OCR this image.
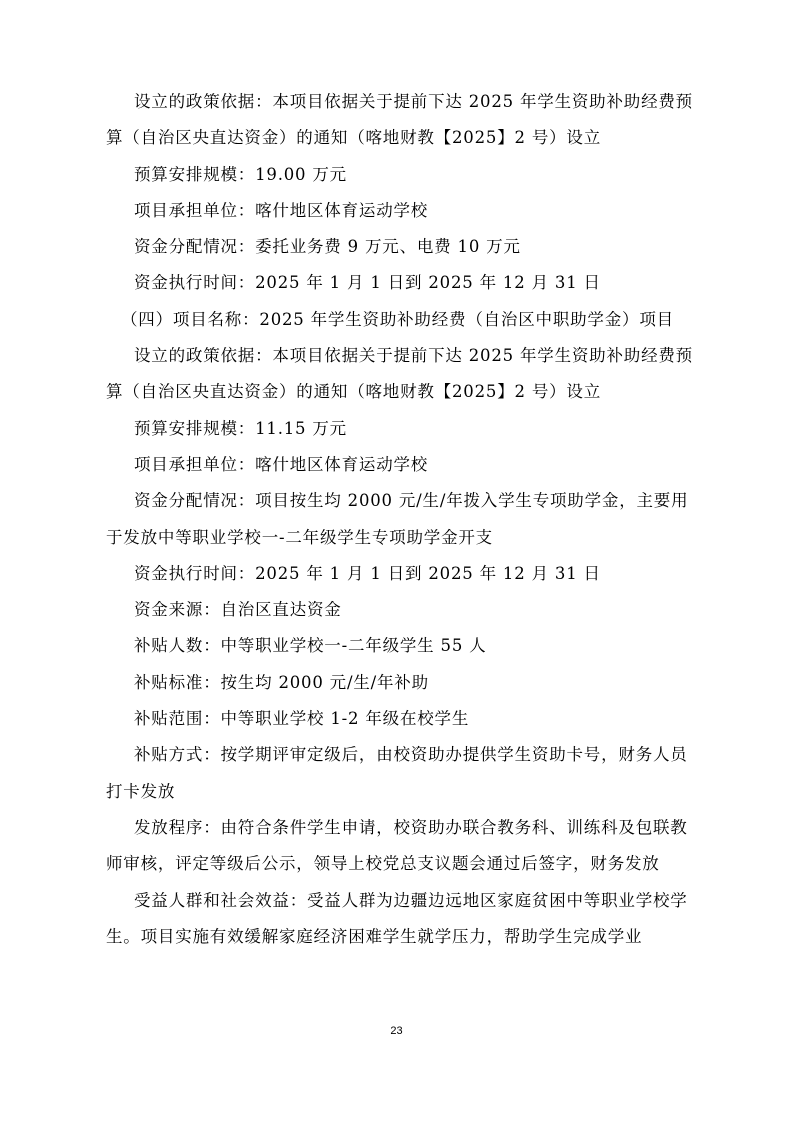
设立的政策依据：本项目依据关于提前下达 2025 年学生资助补助经费预
算（自治区央直达资金）的通知（喀地财教【2025】2 号）设立
预算安排规模：19.00 万元
项目承担单位：喀什地区体育运动学校
资金分配情况：委托业务费 9 万元、电费 10 万元
资金执行时间：2025 年 1 月 1 日到 2025 年 12 月 31 日
（四）项目名称：2025 年学生资助补助经费（自治区中职助学金）项目
设立的政策依据：本项目依据关于提前下达 2025 年学生资助补助经费预
算（自治区央直达资金）的通知（喀地财教【2025】2 号）设立
预算安排规模：11.15 万元
项目承担单位：喀什地区体育运动学校
资金分配情况：项目按生均 2000 元/生/年拨入学生专项助学金，主要用
于发放中等职业学校一-二年级学生专项助学金开支
资金执行时间：2025 年 1 月 1 日到 2025 年 12 月 31 日
资金来源：自治区直达资金
补贴人数：中等职业学校一-二年级学生 55 人
补贴标准：按生均 2000 元/生/年补助
补贴范围：中等职业学校 1-2 年级在校学生
补贴方式：按学期评审定级后，由校资助办提供学生资助卡号，财务人员
打卡发放
发放程序：由符合条件学生申请，校资助办联合教务科、训练科及包联教
师审核，评定等级后公示，领导上校党总支议题会通过后签字，财务发放
受益人群和社会效益：受益人群为边疆边远地区家庭贫困中等职业学校学
生。项目实施有效缓解家庭经济困难学生就学压力，帮助学生完成学业
23
